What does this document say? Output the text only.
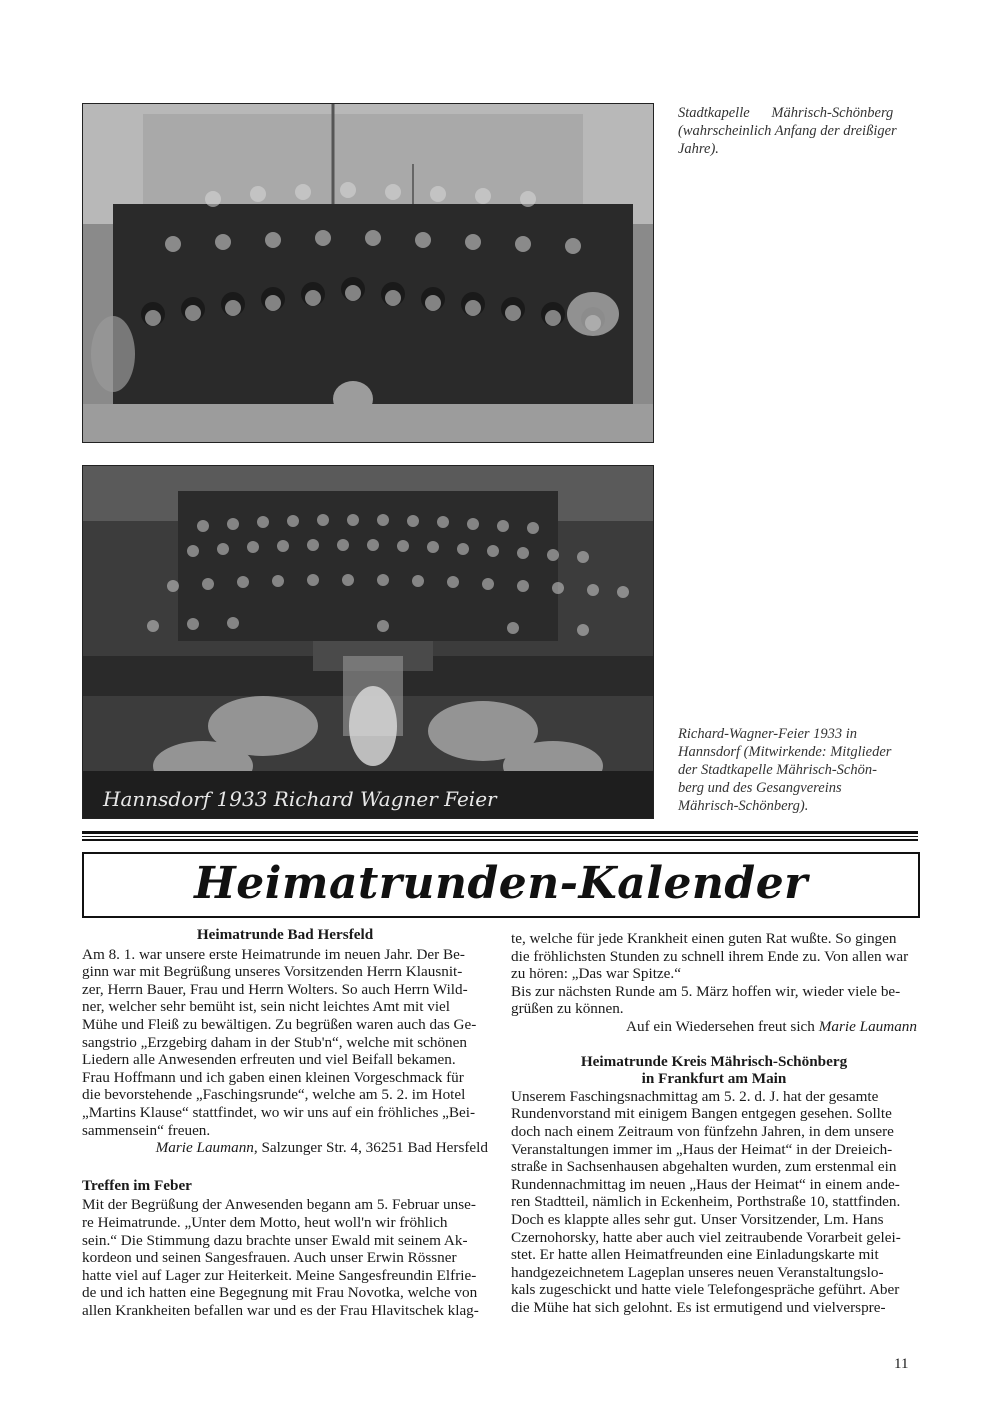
Stadtkapelle      Mährisch-Schönberg
(wahrscheinlich Anfang der dreißiger
Jahre).
Hannsdorf 1933 Richard Wagner Feier
Richard-Wagner-Feier 1933 in
Hannsdorf (Mitwirkende: Mitglieder
der Stadtkapelle Mährisch-Schön-
berg und des Gesangvereins
Mährisch-Schönberg).
Heimatrunden-Kalender

Heimatrunde Bad Hersfeld

Am 8. 1. war unsere erste Heimatrunde im neuen Jahr. Der Be-

ginn war mit Begrüßung unseres Vorsitzenden Herrn Klausnit-

zer, Herrn Bauer, Frau und Herrn Wolters. So auch Herrn Wild-

ner, welcher sehr bemüht ist, sein nicht leichtes Amt mit viel

Mühe und Fleiß zu bewältigen. Zu begrüßen waren auch das Ge-

sangstrio „Erzgebirg daham in der Stub'n“, welche mit schönen

Liedern alle Anwesenden erfreuten und viel Beifall bekamen.

Frau Hoffmann und ich gaben einen kleinen Vorgeschmack für

die bevorstehende „Faschingsrunde“, welche am 5. 2. im Hotel

„Martins Klause“ stattfindet, wo wir uns auf ein fröhliches „Bei-

sammensein“ freuen.

Marie Laumann, Salzunger Str. 4, 36251 Bad Hersfeld

Treffen im Feber

Mit der Begrüßung der Anwesenden begann am 5. Februar unse-

re Heimatrunde. „Unter dem Motto, heut woll'n wir fröhlich

sein.“ Die Stimmung dazu brachte unser Ewald mit seinem Ak-

kordeon und seinen Sangesfrauen. Auch unser Erwin Rössner

hatte viel auf Lager zur Heiterkeit. Meine Sangesfreundin Elfrie-

de und ich hatten eine Begegnung mit Frau Novotka, welche von

allen Krankheiten befallen war und es der Frau Hlavitschek klag-

te, welche für jede Krankheit einen guten Rat wußte. So gingen

die fröhlichsten Stunden zu schnell ihrem Ende zu. Von allen war

zu hören: „Das war Spitze.“

Bis zur nächsten Runde am 5. März hoffen wir, wieder viele be-

grüßen zu können.

Auf ein Wiedersehen freut sich Marie Laumann

Heimatrunde Kreis Mährisch-Schönberg

in Frankfurt am Main

Unserem Faschingsnachmittag am 5. 2. d. J. hat der gesamte

Rundenvorstand mit einigem Bangen entgegen gesehen. Sollte

doch nach einem Zeitraum von fünfzehn Jahren, in dem unsere

Veranstaltungen immer im „Haus der Heimat“ in der Dreieich-

straße in Sachsenhausen abgehalten wurden, zum erstenmal ein

Rundennachmittag im neuen „Haus der Heimat“ in einem ande-

ren Stadtteil, nämlich in Eckenheim, Porthstraße 10, stattfinden.

Doch es klappte alles sehr gut. Unser Vorsitzender, Lm. Hans

Czernohorsky, hatte aber auch viel zeitraubende Vorarbeit gelei-

stet. Er hatte allen Heimatfreunden eine Einladungskarte mit

handgezeichnetem Lageplan unseres neuen Veranstaltungslo-

kals zugeschickt und hatte viele Telefongespräche geführt. Aber

die Mühe hat sich gelohnt. Es ist ermutigend und vielverspre-

11
